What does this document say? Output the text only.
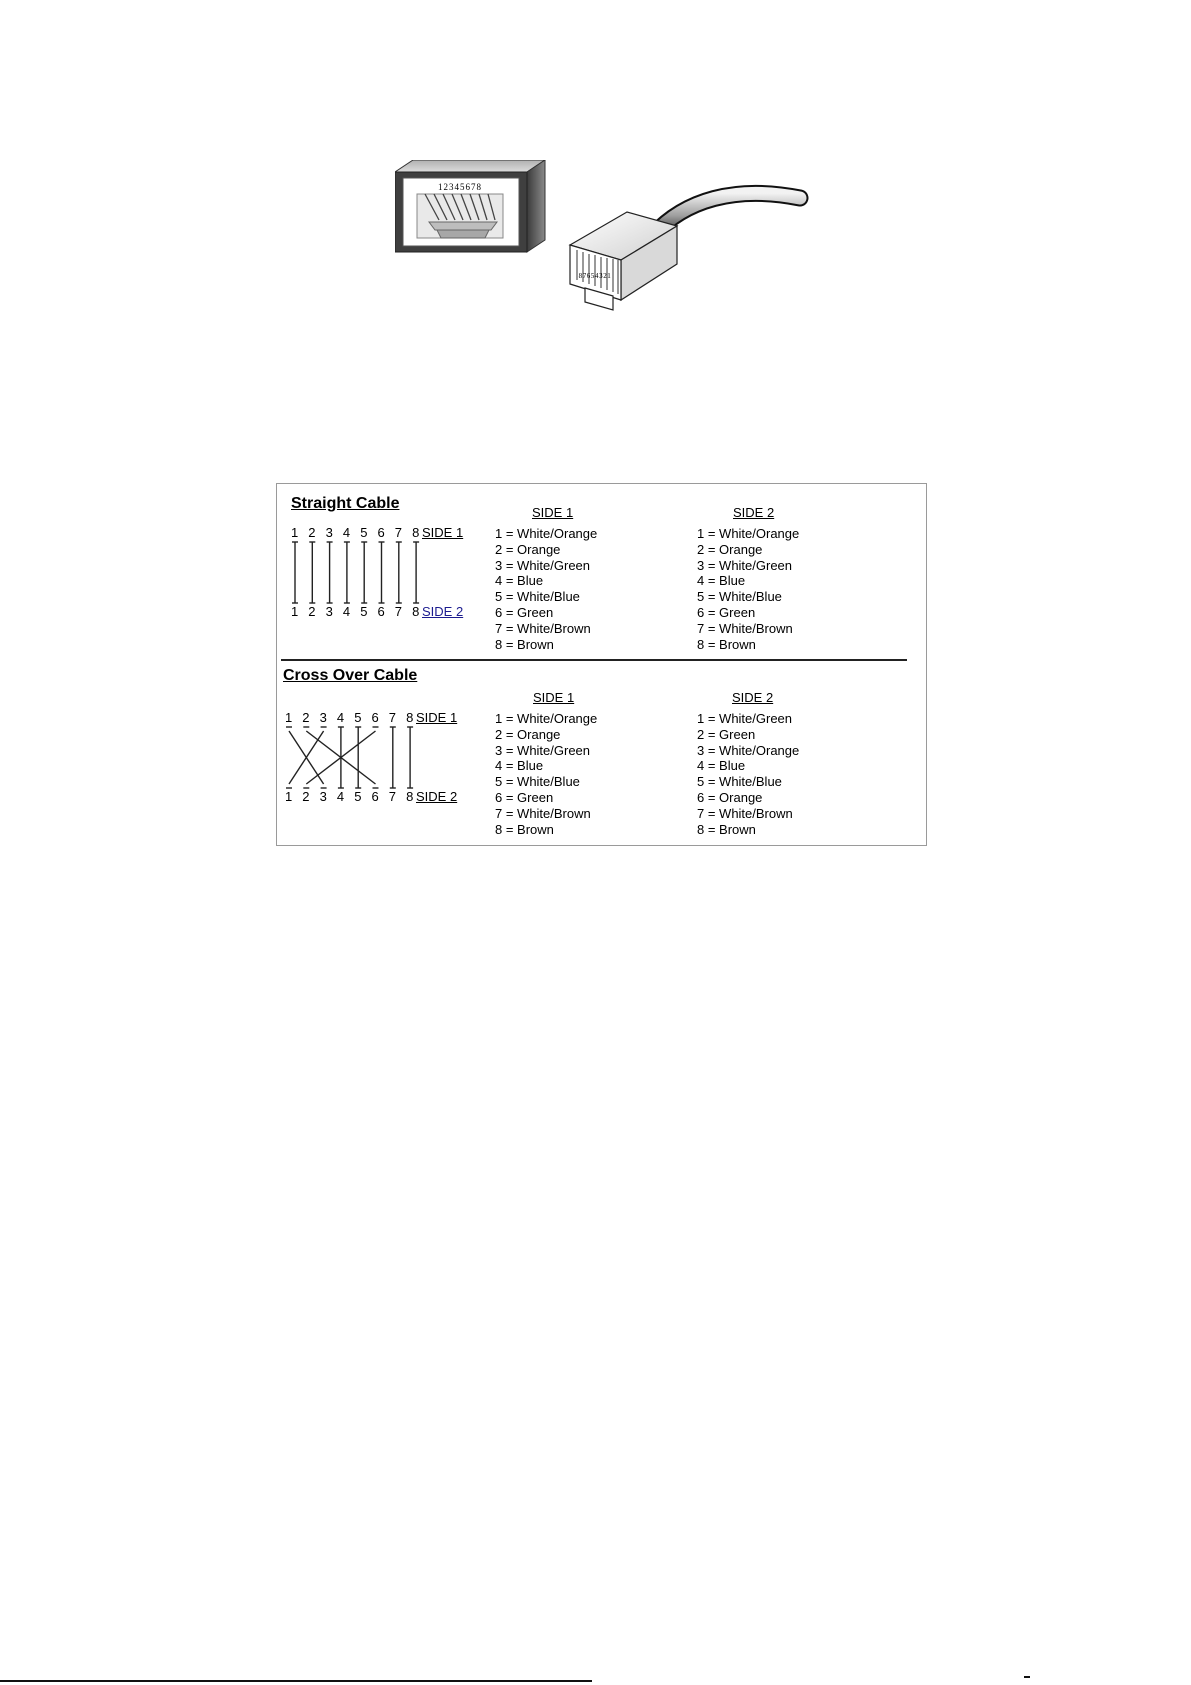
12345678
87654321
Straight Cable
1 2 3 4 5 6 7 8
1 2 3 4 5 6 7 8
SIDE 1
SIDE 2
SIDE 1	SIDE 2
1 = White/Orange
2 = Orange
3 = White/Green
4 = Blue
5 = White/Blue
6 = Green
7 = White/Brown
8 = Brown
1 = White/Orange
2 = Orange
3 = White/Green
4 = Blue
5 = White/Blue
6 = Green
7 = White/Brown
8 = Brown
Cross Over Cable
1 2 3 4 5 6 7 8
1 2 3 4 5 6 7 8
SIDE 1
SIDE 2
SIDE 1	SIDE 2
1 = White/Orange
2 = Orange
3 = White/Green
4 = Blue
5 = White/Blue
6 = Green
7 = White/Brown
8 = Brown
1 = White/Green
2 = Green
3 = White/Orange
4 = Blue
5 = White/Blue
6 = Orange
7 = White/Brown
8 = Brown
